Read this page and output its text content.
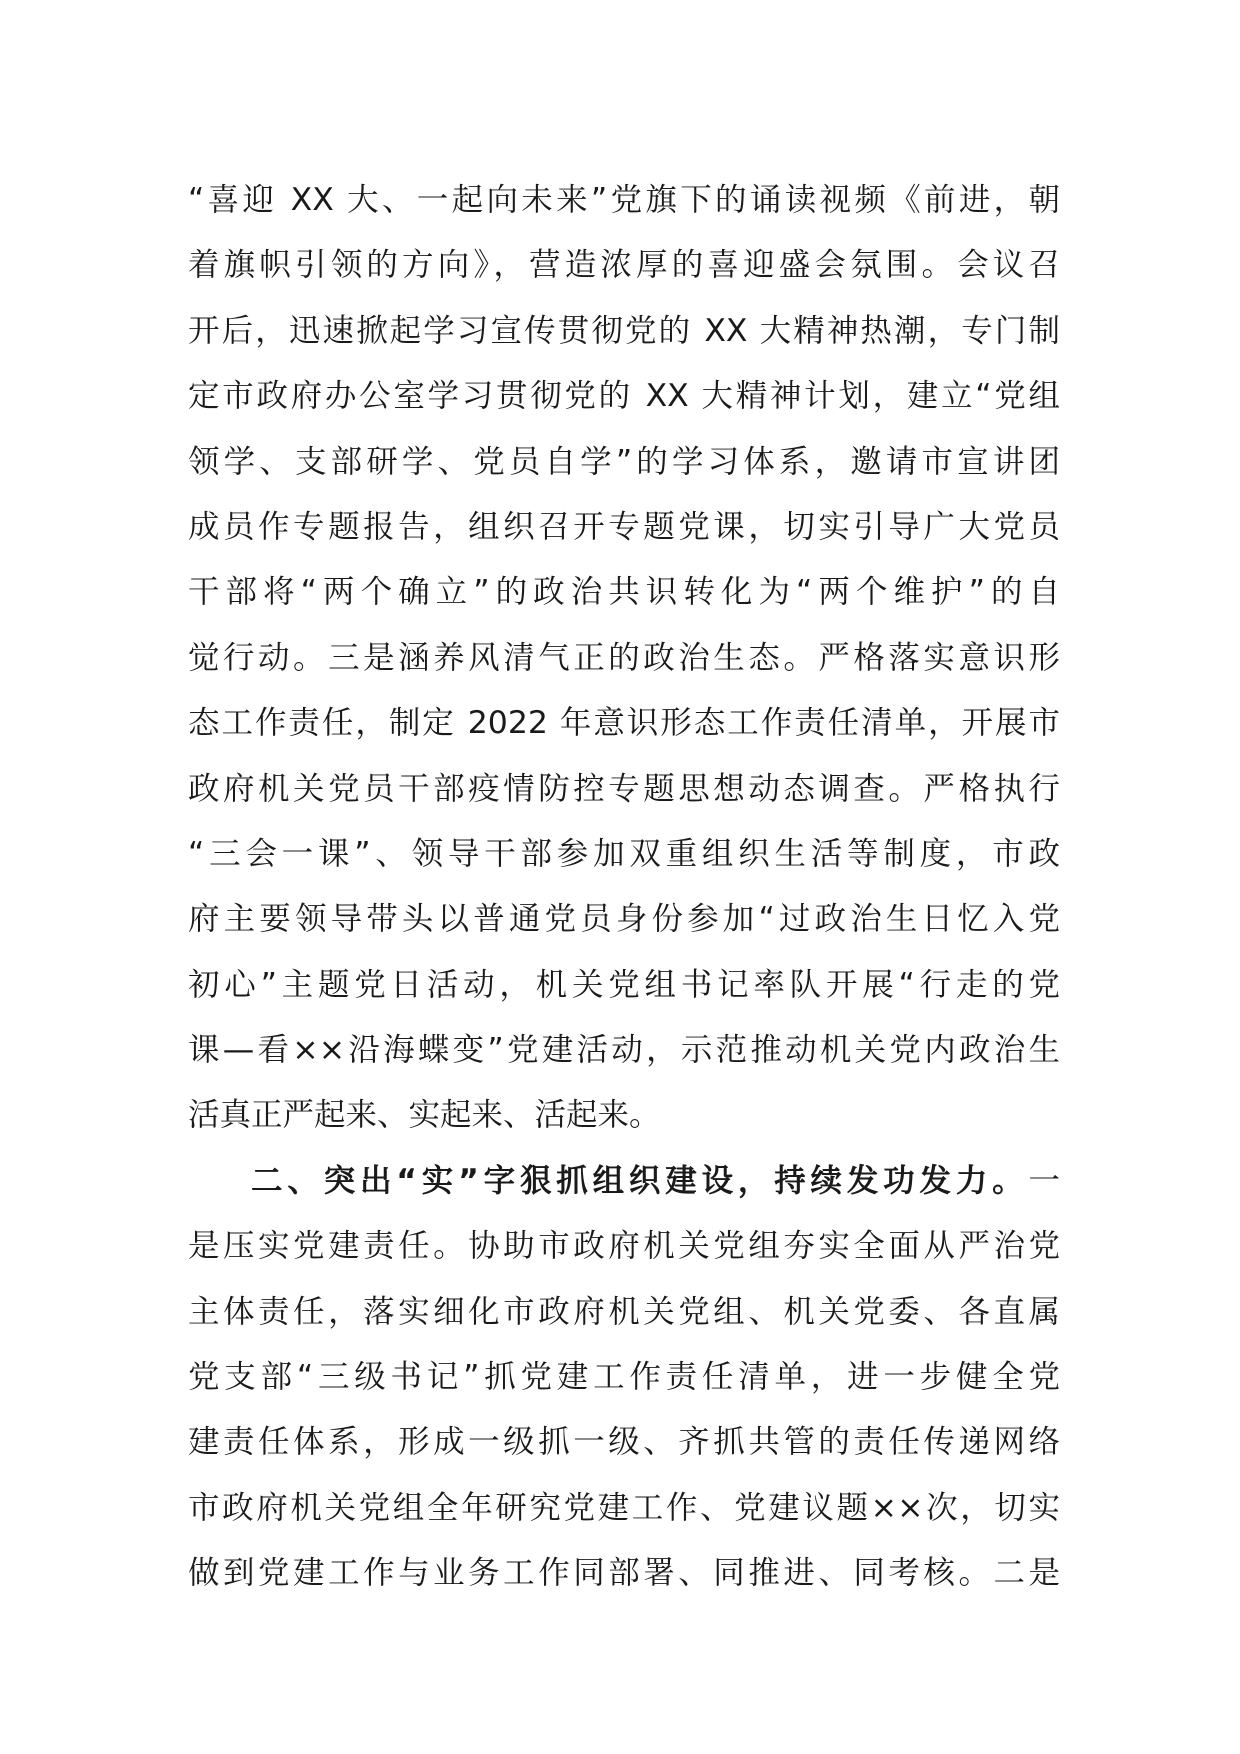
“喜迎 XX 大、一起向未来”党旗下的诵读视频《前进，朝
着旗帜引领的方向》，营造浓厚的喜迎盛会氛围。会议召
开后，迅速掀起学习宣传贯彻党的 XX 大精神热潮，专门制
定市政府办公室学习贯彻党的 XX 大精神计划，建立“党组
领学、支部研学、党员自学”的学习体系，邀请市宣讲团
成员作专题报告，组织召开专题党课，切实引导广大党员
干部将“两个确立”的政治共识转化为“两个维护”的自
觉行动。三是涵养风清气正的政治生态。严格落实意识形
态工作责任，制定 2022 年意识形态工作责任清单，开展市
政府机关党员干部疫情防控专题思想动态调查。严格执行
“三会一课”、领导干部参加双重组织生活等制度，市政
府主要领导带头以普通党员身份参加“过政治生日忆入党
初心”主题党日活动，机关党组书记率队开展“行走的党
课—看××沿海蝶变”党建活动，示范推动机关党内政治生
活真正严起来、实起来、活起来。
二、突出“实”字狠抓组织建设，持续发功发力。一
是压实党建责任。协助市政府机关党组夯实全面从严治党
主体责任，落实细化市政府机关党组、机关党委、各直属
党支部“三级书记”抓党建工作责任清单，进一步健全党
建责任体系，形成一级抓一级、齐抓共管的责任传递网络
市政府机关党组全年研究党建工作、党建议题××次，切实
做到党建工作与业务工作同部署、同推进、同考核。二是
